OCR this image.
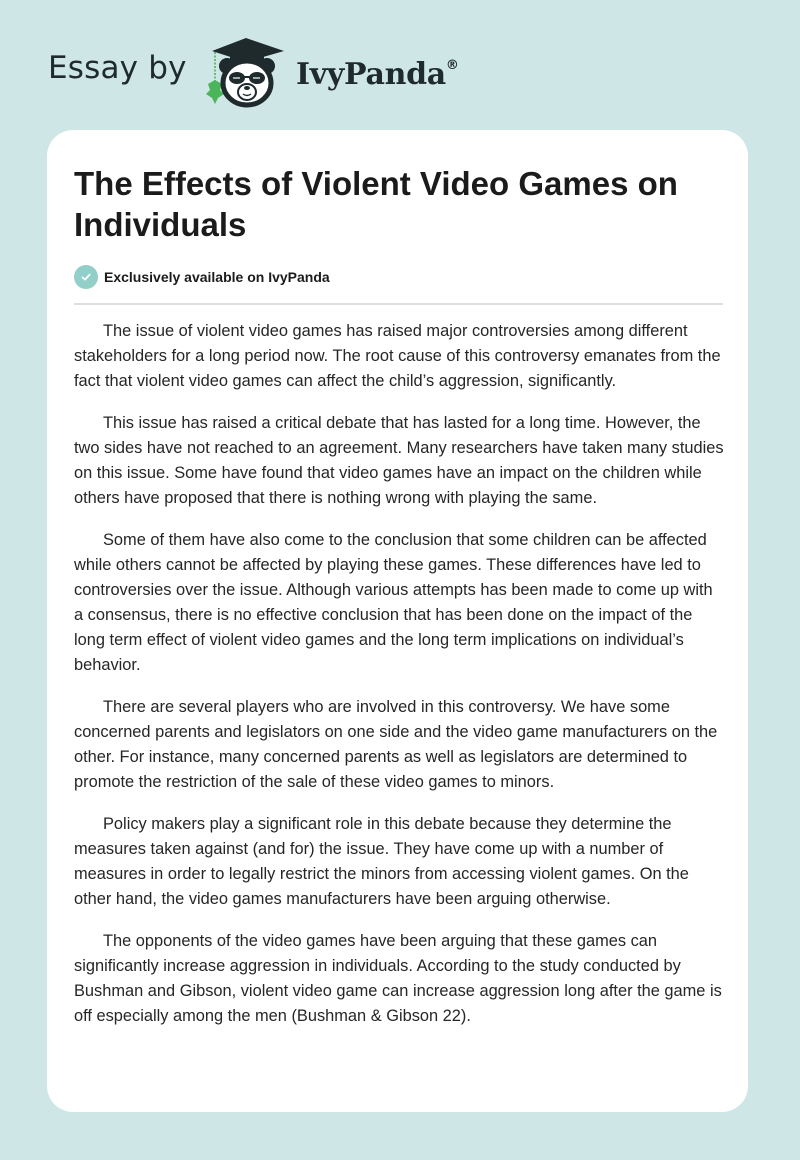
Essay by	IvyPanda®
The Effects of Violent Video Games on Individuals
Exclusively available on IvyPanda

The issue of violent video games has raised major controversies among different stakeholders for a long period now. The root cause of this controversy emanates from the fact that violent video games can affect the child’s aggression, significantly.

This issue has raised a critical debate that has lasted for a long time. However, the two sides have not reached to an agreement. Many researchers have taken many studies on this issue. Some have found that video games have an impact on the children while others have proposed that there is nothing wrong with playing the same.

Some of them have also come to the conclusion that some children can be affected while others cannot be affected by playing these games. These differences have led to controversies over the issue. Although various attempts has been made to come up with a consensus, there is no effective conclusion that has been done on the impact of the long term effect of violent video games and the long term implications on individual’s behavior.

There are several players who are involved in this controversy. We have some concerned parents and legislators on one side and the video game manufacturers on the other. For instance, many concerned parents as well as legislators are determined to promote the restriction of the sale of these video games to minors.

Policy makers play a significant role in this debate because they determine the measures taken against (and for) the issue. They have come up with a number of measures in order to legally restrict the minors from accessing violent games. On the other hand, the video games manufacturers have been arguing otherwise.

The opponents of the video games have been arguing that these games can significantly increase aggression in individuals. According to the study conducted by Bushman and Gibson, violent video game can increase aggression long after the game is off especially among the men (Bushman & Gibson 22).
